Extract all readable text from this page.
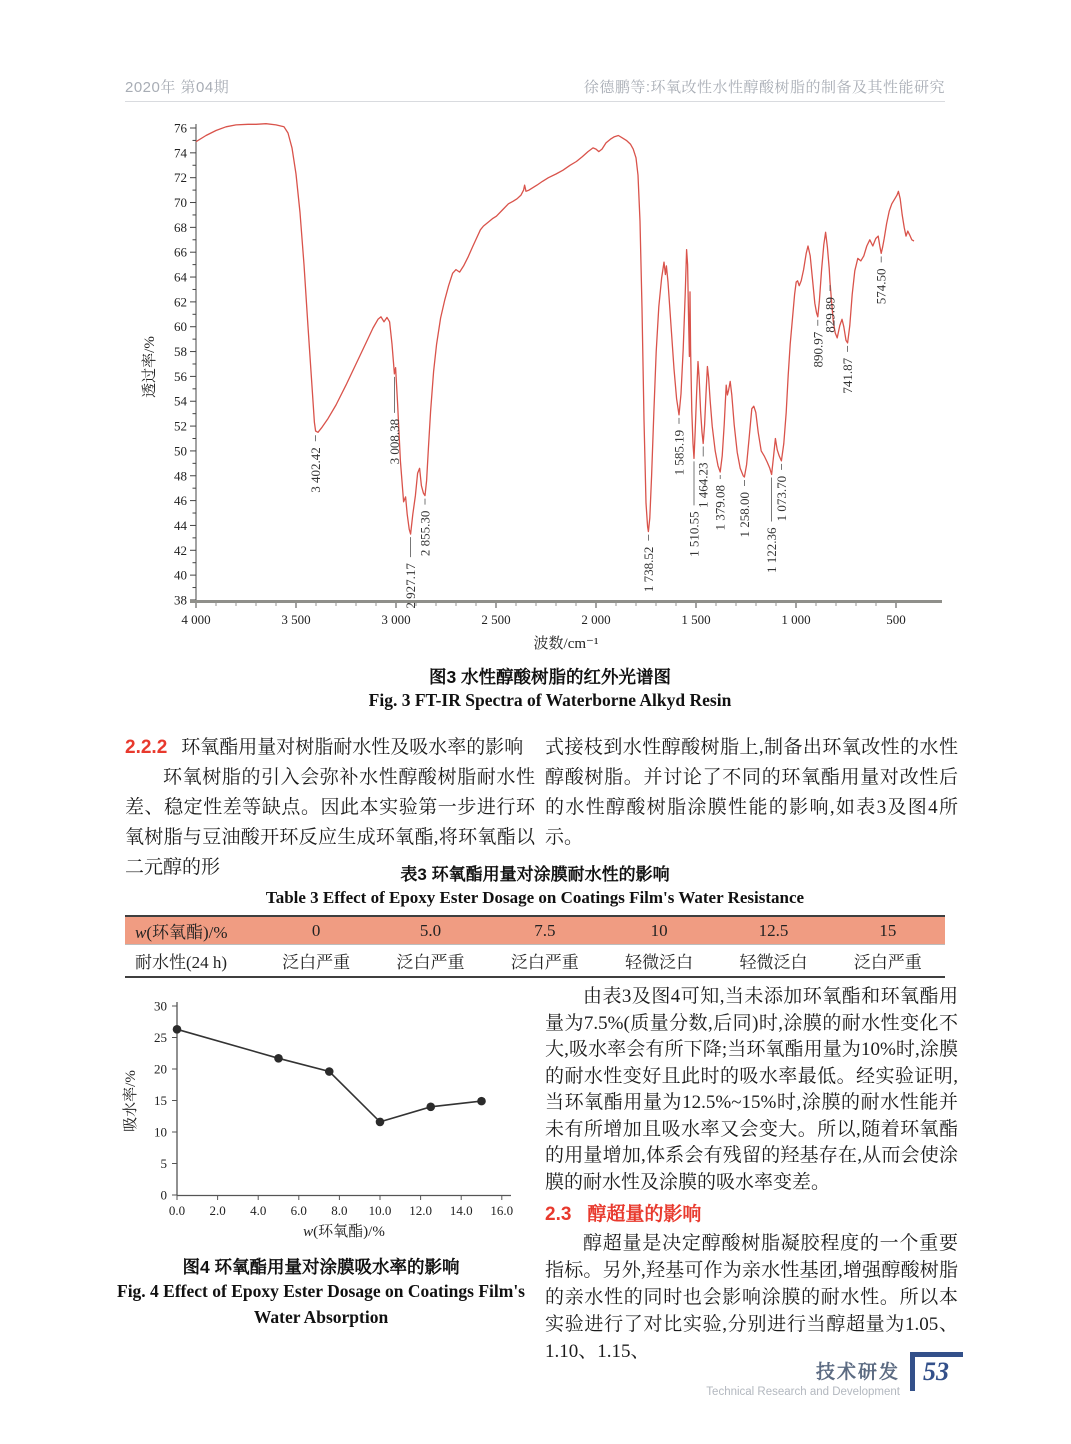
2020年 第04期	徐德鹏等:环氧改性水性醇酸树脂的制备及其性能研究
38
40
42
44
46
48
50
52
54
56
58
60
62
64
66
68
70
72
74
76
4 000	3 500	3 000	2 500	2 000	1 500	1 000	500
透过率/%
波数/cm⁻¹
3 402.42
3 008.38
2 927.17
2 855.30
1 738.52
1 585.19
1 510.55
1 464.23 1 379.08 1 258.00
1 122.36
1 073.70
890.97
829.89
741.87
574.50
图3 水性醇酸树脂的红外光谱图
Fig. 3 FT-IR Spectra of Waterborne Alkyd Resin
2.2.2 环氧酯用量对树脂耐水性及吸水率的影响

环氧树脂的引入会弥补水性醇酸树脂耐水性差、稳定性差等缺点。因此本实验第一步进行环氧树脂与豆油酸开环反应生成环氧酯,将环氧酯以二元醇的形

式接枝到水性醇酸树脂上,制备出环氧改性的水性醇酸树脂。并讨论了不同的环氧酯用量对改性后的水性醇酸树脂涂膜性能的影响,如表3及图4所示。

表3 环氧酯用量对涂膜耐水性的影响
Table 3 Effect of Epoxy Ester Dosage on Coatings Film's Water Resistance
w(环氧酯)/%	0	5.0	7.5	10	12.5	15
耐水性(24 h)	泛白严重	泛白严重	泛白严重	轻微泛白	轻微泛白	泛白严重
0
5
10
15
20
25
30
0.0 2.0 4.0 6.0 8.0 10.0 12.0 14.0 16.0
吸水率/%
w(环氧酯)/%
图4 环氧酯用量对涂膜吸水率的影响
Fig. 4 Effect of Epoxy Ester Dosage on Coatings Film's
Water Absorption

由表3及图4可知,当未添加环氧酯和环氧酯用量为7.5%(质量分数,后同)时,涂膜的耐水性变化不大,吸水率会有所下降;当环氧酯用量为10%时,涂膜的耐水性变好且此时的吸水率最低。经实验证明,当环氧酯用量为12.5%~15%时,涂膜的耐水性能并未有所增加且吸水率又会变大。所以,随着环氧酯的用量增加,体系会有残留的羟基存在,从而会使涂膜的耐水性及涂膜的吸水率变差。

2.3 醇超量的影响

醇超量是决定醇酸树脂凝胶程度的一个重要指标。另外,羟基可作为亲水性基团,增强醇酸树脂的亲水性的同时也会影响涂膜的耐水性。所以本实验进行了对比实验,分别进行当醇超量为1.05、1.10、1.15、

技术研发
Technical Research and Development
53
